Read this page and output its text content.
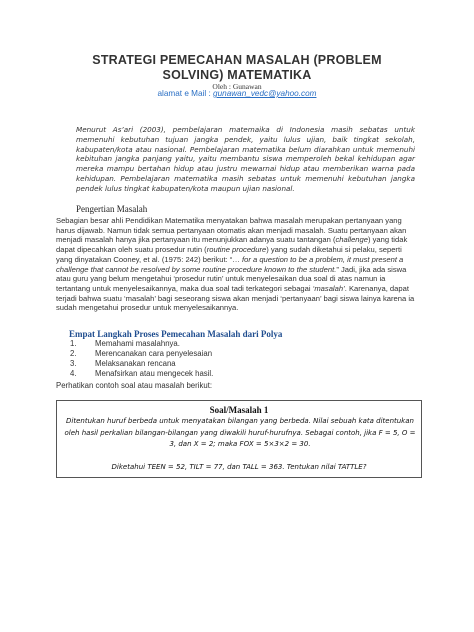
STRATEGI PEMECAHAN MASALAH (PROBLEM SOLVING) MATEMATIKA
Oleh : Gunawan
alamat e Mail : gunawan_vedc@yahoo.com
Menurut As’ari (2003), pembelajaran matemaika di Indonesia masih sebatas untuk memenuhi kebutuhan tujuan jangka pendek, yaitu lulus ujian, baik tingkat sekolah, kabupaten/kota atau nasional. Pembelajaran matematika belum diarahkan untuk memenuhi kebituhan jangka panjang yaitu, yaitu membantu siswa memperoleh bekal kehidupan agar mereka mampu bertahan hidup atau justru mewarnai hidup atau memberikan warna pada kehidupan. Pembelajaran matematika masih sebatas untuk memenuhi kebutuhan jangka pendek lulus tingkat kabupaten/kota maupun ujian nasional.
Pengertian Masalah
Sebagian besar ahli Pendidikan Matematika menyatakan bahwa masalah merupakan pertanyaan yang harus dijawab. Namun tidak semua pertanyaan otomatis akan menjadi masalah. Suatu pertanyaan akan menjadi masalah hanya jika pertanyaan itu menunjukkan adanya suatu tantangan (challenge) yang tidak dapat dipecahkan oleh suatu prosedur rutin (routine procedure) yang sudah diketahui si pelaku, seperti yang dinyatakan Cooney, et al. (1975: 242) berikut: “… for a question to be a problem, it must present a challenge that cannot be resolved by some routine procedure known to the student.” Jadi, jika ada siswa atau guru yang belum mengetahui ‘prosedur rutin’ untuk menyelesaikan dua soal di atas namun ia tertantang untuk menyelesaikannya, maka dua soal tadi terkategori sebagai ‘masalah’. Karenanya, dapat terjadi bahwa suatu ‘masalah’ bagi seseorang siswa akan menjadi ‘pertanyaan’ bagi siswa lainya karena ia sudah mengetahui prosedur untuk menyelesaikannya.
Empat Langkah Proses Pemecahan Masalah dari Polya
1.	Memahami masalahnya.
2.	Merencanakan cara penyelesaian
3.	Melaksanakan rencana
4.	Menafsirkan atau mengecek hasil.
Perhatikan contoh soal atau masalah berikut:
Soal/Masalah 1
Ditentukan huruf berbeda untuk menyatakan bilangan yang berbeda. Nilai sebuah kata ditentukan oleh hasil perkalian bilangan-bilangan yang diwakili huruf-hurufnya. Sebagai contoh, jika F = 5, O = 3, dan X = 2; maka FOX = 5×3×2 = 30.
Diketahui TEEN = 52, TILT = 77, dan TALL = 363. Tentukan nilai TATTLE?
